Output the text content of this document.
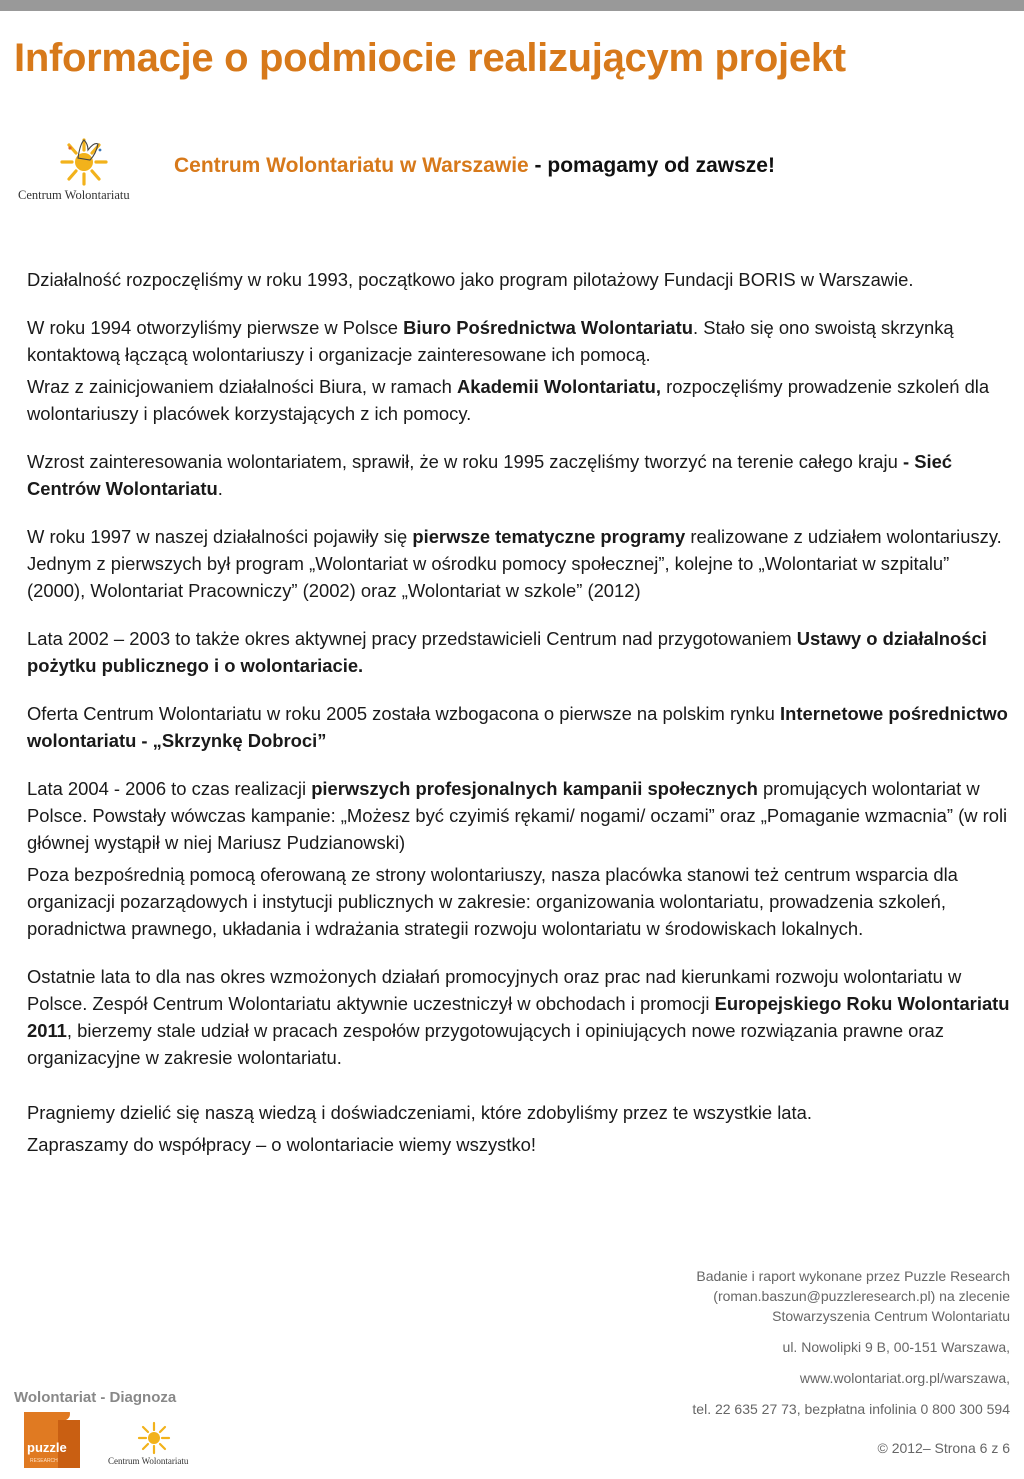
Informacje o podmiocie realizującym projekt
Centrum Wolontariatu
Centrum Wolontariatu w Warszawie - pomagamy od zawsze!

Działalność rozpoczęliśmy w roku 1993, początkowo jako program pilotażowy Fundacji BORIS w Warszawie.

W roku 1994 otworzyliśmy pierwsze w Polsce Biuro Pośrednictwa Wolontariatu. Stało się ono swoistą skrzynką kontaktową łączącą wolontariuszy i organizacje zainteresowane ich pomocą.

Wraz z zainicjowaniem działalności Biura, w ramach Akademii Wolontariatu, rozpoczęliśmy prowadzenie szkoleń dla wolontariuszy i placówek korzystających z ich pomocy.

Wzrost zainteresowania wolontariatem, sprawił, że w roku 1995 zaczęliśmy tworzyć na terenie całego kraju - Sieć Centrów Wolontariatu.

W roku 1997 w naszej działalności pojawiły się pierwsze tematyczne programy realizowane z udziałem wolontariuszy. Jednym z pierwszych był program „Wolontariat w ośrodku pomocy społecznej”, kolejne to „Wolontariat w szpitalu” (2000), Wolontariat Pracowniczy” (2002) oraz „Wolontariat w szkole” (2012)

Lata 2002 – 2003 to także okres aktywnej pracy przedstawicieli Centrum nad przygotowaniem Ustawy o działalności pożytku publicznego i o wolontariacie.

Oferta Centrum Wolontariatu w roku 2005 została wzbogacona o pierwsze na polskim rynku Internetowe pośrednictwo wolontariatu - „Skrzynkę Dobroci”

Lata 2004 - 2006 to czas realizacji pierwszych profesjonalnych kampanii społecznych promujących wolontariat w Polsce. Powstały wówczas kampanie: „Możesz być czyimiś rękami/ nogami/ oczami” oraz „Pomaganie wzmacnia” (w roli głównej wystąpił w niej Mariusz Pudzianowski)

Poza bezpośrednią pomocą oferowaną ze strony wolontariuszy, nasza placówka stanowi też centrum wsparcia dla organizacji pozarządowych i instytucji publicznych w zakresie: organizowania wolontariatu, prowadzenia szkoleń, poradnictwa prawnego, układania i wdrażania strategii rozwoju wolontariatu w środowiskach lokalnych.

Ostatnie lata to dla nas okres wzmożonych działań promocyjnych oraz prac nad kierunkami rozwoju wolontariatu w Polsce. Zespół Centrum Wolontariatu aktywnie uczestniczył w obchodach i promocji Europejskiego Roku Wolontariatu 2011, bierzemy stale udział w pracach zespołów przygotowujących i opiniujących nowe rozwiązania prawne oraz organizacyjne w zakresie wolontariatu.

Pragniemy dzielić się naszą wiedzą i doświadczeniami, które zdobyliśmy przez te wszystkie lata.

Zapraszamy do współpracy – o wolontariacie wiemy wszystko!

Badanie i raport wykonane przez Puzzle Research
(roman.baszun@puzzleresearch.pl) na zlecenie
Stowarzyszenia Centrum Wolontariatu
ul. Nowolipki 9 B, 00-151 Warszawa,
www.wolontariat.org.pl/warszawa,
tel. 22 635 27 73, bezpłatna infolinia 0 800 300 594
© 2012– Strona 6 z 6
Wolontariat - Diagnoza
puzzle
RESEARCH	Centrum Wolontariatu
